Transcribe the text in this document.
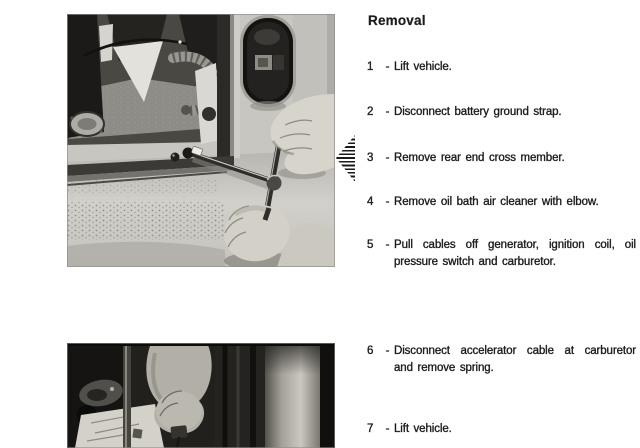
Removal
1	- Lift vehicle.
2	- Disconnect battery ground strap.
3	- Remove rear end cross member.
4	- Remove oil bath air cleaner with elbow.
5	- Pull cables off generator, ignition coil, oil
pressure switch and carburetor.
6	- Disconnect accelerator cable at carburetor
and remove spring.
7	- Lift vehicle.
